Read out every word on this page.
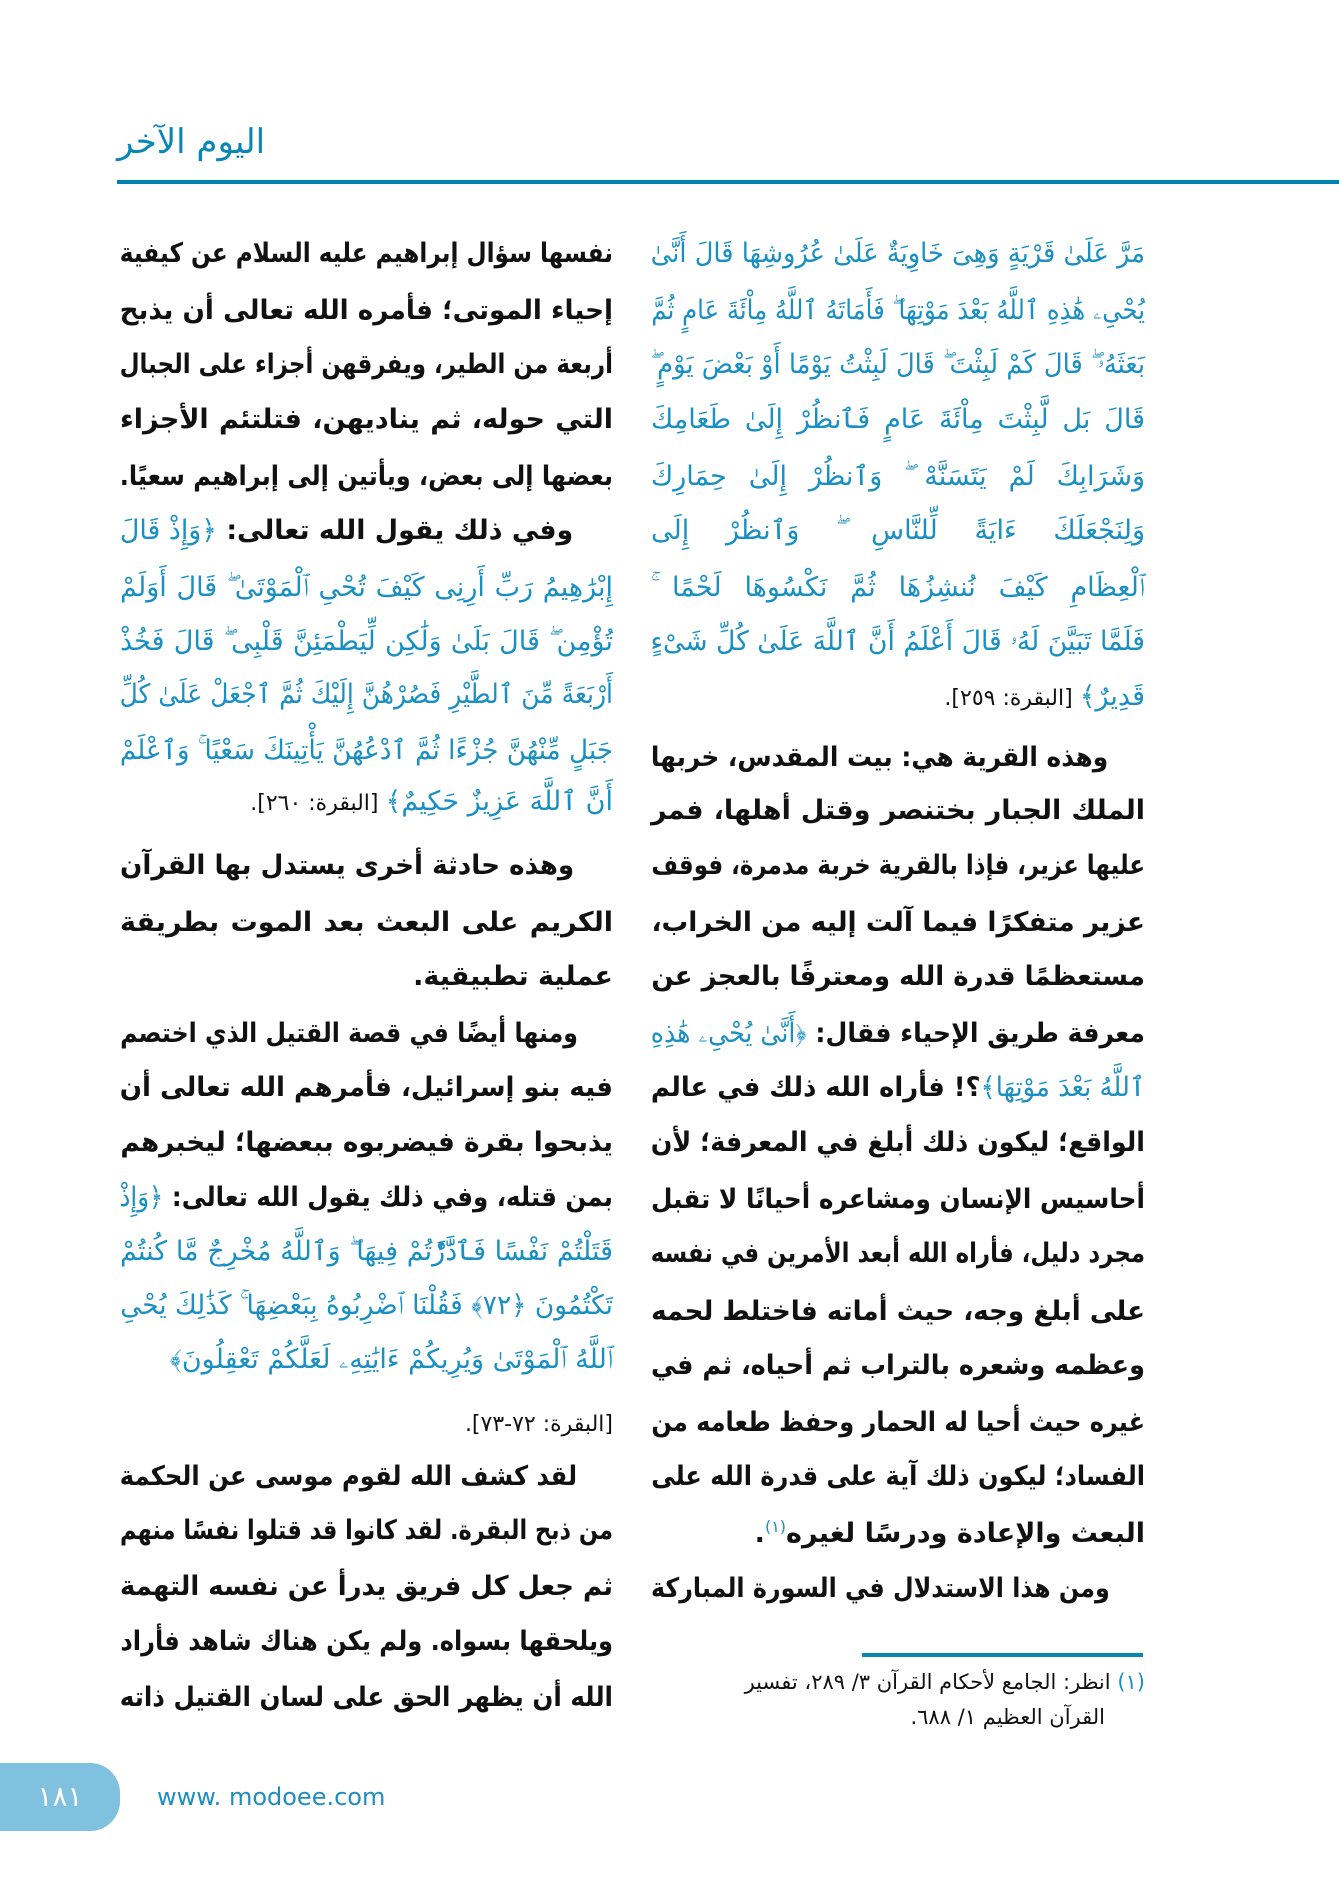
اليوم الآخر
نفسها سؤال إبراهيم عليه السلام عن كيفية
إحياء الموتى؛ فأمره الله تعالى أن يذبح
أربعة من الطير، ويفرقهن أجزاء على الجبال
التي حوله، ثم يناديهن، فتلتئم الأجزاء
بعضها إلى بعض، ويأتين إلى إبراهيم سعيًا.
وفي ذلك يقول الله تعالى: ﴿وَإِذْ قَالَ
إِبْرَٰهِيمُ رَبِّ أَرِنِى كَيْفَ تُحْىِ ٱلْمَوْتَىٰ ۖ قَالَ أَوَلَمْ
تُؤْمِن ۖ قَالَ بَلَىٰ وَلَٰكِن لِّيَطْمَئِنَّ قَلْبِى ۖ قَالَ فَخُذْ
أَرْبَعَةً مِّنَ ٱلطَّيْرِ فَصُرْهُنَّ إِلَيْكَ ثُمَّ ٱجْعَلْ عَلَىٰ كُلِّ
جَبَلٍ مِّنْهُنَّ جُزْءًا ثُمَّ ٱدْعُهُنَّ يَأْتِينَكَ سَعْيًا ۚ وَٱعْلَمْ
أَنَّ ٱللَّهَ عَزِيزٌ حَكِيمٌ﴾ [البقرة: ٢٦٠].
وهذه حادثة أخرى يستدل بها القرآن
الكريم على البعث بعد الموت بطريقة
عملية تطبيقية.
ومنها أيضًا في قصة القتيل الذي اختصم
فيه بنو إسرائيل، فأمرهم الله تعالى أن
يذبحوا بقرة فيضربوه ببعضها؛ ليخبرهم
بمن قتله، وفي ذلك يقول الله تعالى: ﴿وَإِذْ
قَتَلْتُمْ نَفْسًا فَٱدَّٰرَْٰٔتُمْ فِيهَا ۖ وَٱللَّهُ مُخْرِجٌ مَّا كُنتُمْ
تَكْتُمُونَ ﴿٧٢﴾ فَقُلْنَا ٱضْرِبُوهُ بِبَعْضِهَا ۚ كَذَٰلِكَ يُحْىِ
ٱللَّهُ ٱلْمَوْتَىٰ وَيُرِيكُمْ ءَايَٰتِهِۦ لَعَلَّكُمْ تَعْقِلُونَ﴾
[البقرة: ٧٢-٧٣].
لقد كشف الله لقوم موسى عن الحكمة
من ذبح البقرة. لقد كانوا قد قتلوا نفسًا منهم
ثم جعل كل فريق يدرأ عن نفسه التهمة
ويلحقها بسواه. ولم يكن هناك شاهد فأراد
الله أن يظهر الحق على لسان القتيل ذاته
مَرَّ عَلَىٰ قَرْيَةٍ وَهِىَ خَاوِيَةٌ عَلَىٰ عُرُوشِهَا قَالَ أَنَّىٰ
يُحْىِۦ هَٰذِهِ ٱللَّهُ بَعْدَ مَوْتِهَا ۖ فَأَمَاتَهُ ٱللَّهُ مِاْئَةَ عَامٍ ثُمَّ
بَعَثَهُۥ ۖ قَالَ كَمْ لَبِثْتَ ۖ قَالَ لَبِثْتُ يَوْمًا أَوْ بَعْضَ يَوْمٍ ۖ
قَالَ بَل لَّبِثْتَ مِاْئَةَ عَامٍ فَٱنظُرْ إِلَىٰ طَعَامِكَ
وَشَرَابِكَ لَمْ يَتَسَنَّهْ ۖ وَٱنظُرْ إِلَىٰ حِمَارِكَ
وَلِنَجْعَلَكَ ءَايَةً لِّلنَّاسِ ۖ وَٱنظُرْ إِلَى
ٱلْعِظَامِ كَيْفَ نُنشِزُهَا ثُمَّ نَكْسُوهَا لَحْمًا ۚ
فَلَمَّا تَبَيَّنَ لَهُۥ قَالَ أَعْلَمُ أَنَّ ٱللَّهَ عَلَىٰ كُلِّ شَىْءٍ
قَدِيرٌ﴾ [البقرة: ٢٥٩].
وهذه القرية هي: بيت المقدس، خربها
الملك الجبار بختنصر وقتل أهلها، فمر
عليها عزير، فإذا بالقرية خربة مدمرة، فوقف
عزير متفكرًا فيما آلت إليه من الخراب،
مستعظمًا قدرة الله ومعترفًا بالعجز عن
معرفة طريق الإحياء فقال: ﴿أَنَّىٰ يُحْىِۦ هَٰذِهِ
ٱللَّهُ بَعْدَ مَوْتِهَا﴾؟! فأراه الله ذلك في عالم
الواقع؛ ليكون ذلك أبلغ في المعرفة؛ لأن
أحاسيس الإنسان ومشاعره أحيانًا لا تقبل
مجرد دليل، فأراه الله أبعد الأمرين في نفسه
على أبلغ وجه، حيث أماته فاختلط لحمه
وعظمه وشعره بالتراب ثم أحياه، ثم في
غيره حيث أحيا له الحمار وحفظ طعامه من
الفساد؛ ليكون ذلك آية على قدرة الله على
البعث والإعادة ودرسًا لغيره$^{(١)}$.
ومن هذا الاستدلال في السورة المباركة
(١) انظر: الجامع لأحكام القرآن ٣/ ٢٨٩، تفسير
القرآن العظيم ١/ ٦٨٨.
١٨١	www. modoee.com
